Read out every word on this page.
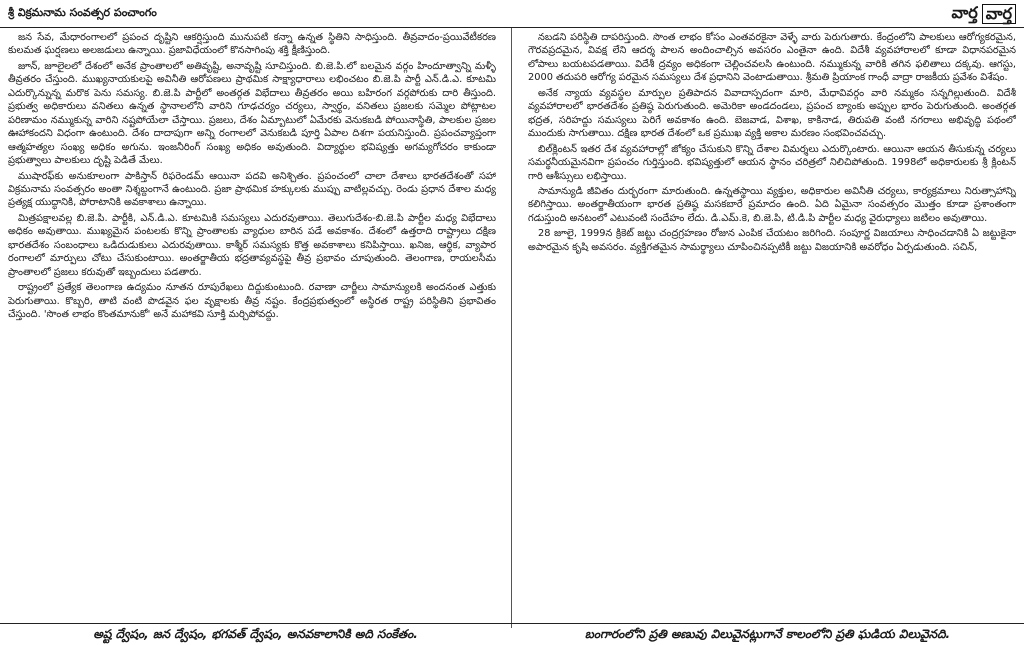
శ్రీ విక్రమనామ సంవత్సర పంచాంగం	వార్త వార్త

జన సేవ, మేధారంగాలలో ప్రపంచ దృష్టిని ఆకర్షిస్తుంది మునుపటి కన్నా ఉన్నత స్థితిని సాధిస్తుంది. తీవ్రవాదం-ప్రయివేటీకరణ కులమత ఘర్షణలు అలజడులు ఉన్నాయి. ప్రజావిధేయంలో కొనసాగింపు శక్తి క్షీణిస్తుంది.

జూన్, జూలైలలో దేశంలో అనేక ప్రాంతాలలో అతివృష్టి, అనావృష్టి సూచిస్తుంది. బి.జె.పి.లో బలమైన వర్గం హిందూత్వాన్ని మళ్ళీ తీవ్రతరం చేస్తుంది. ముఖ్యనాయకులపై అవినీతి ఆరోపణలు ప్రాథమిక సాక్ష్యాధారాలు లభించటం బి.జె.పి పార్టీ ఎన్.డి.ఎ. కూటమి ఎదుర్కొన్నున్న మరొక పెను సమస్య. బి.జె.పి పార్టీలో అంతర్గత విభేదాలు తీవ్రతరం అయి బహిరంగ వర్గపోరుకు దారి తీస్తుంది. ప్రభుత్వ అధికారులు వనితలు ఉన్నత స్థానాలలోని వారిని గూఢచర్యం చర్యలు, స్వార్థం, వనితలు ప్రజలకు సమ్మెల పోట్లాటల పరిణామం నమ్ముకున్న వారిని నష్టపోయేలా చేస్తాయి. ప్రజలు, దేశం ఏమ్బాటులో ఏమేరకు వెనుకబడి పోయినాస్థితి, పాలకుల ప్రజల ఊహాకందని విధంగా ఉంటుంది. దేశం దాదాపుగా అన్ని రంగాలలో వెనుకబడి పూర్తి ఏపాల దిశగా పయనిస్తుంది. ప్రపంచవ్యాప్తంగా ఆత్మహత్యల సంఖ్య అధికం అగును. ఇంజనీరింగ్ సంఖ్య అధికం అవుతుంది. విద్యార్థుల భవిష్యత్తు అగమ్యగోచరం కాకుండా ప్రభుత్వాలు పాలకులు దృష్టి పెడితే మేలు.

ముషారఫ్‌కు అనుకూలంగా పాకిస్తాన్ రిఫరెండమ్ ఆయినా పదవి అనిశ్చితం. ప్రపంచంలో చాలా దేశాలు భారతదేశంతో సహా విక్రమనామ సంవత్సరం అంతా నిశ్శబ్దంగానే ఉంటుంది. ప్రజా ప్రాథమిక హక్కులకు ముప్పు వాటిల్లవచ్చు. రెండు ప్రధాన దేశాల మధ్య ప్రత్యక్ష యుద్ధానికి, పోరాటానికి అవకాశాలు ఉన్నాయి.

మిత్రపక్షాలవల్ల బి.జె.పి. పార్టీకి, ఎన్.డి.ఎ. కూటమికి సమస్యలు ఎదురవుతాయి. తెలుగుదేశం-బి.జె.పి పార్టీల మధ్య విభేదాలు అధికం అవుతాయి. ముఖ్యమైన పంటలకు కొన్ని ప్రాంతాలకు వ్యాధుల బారిన పడే అవకాశం. దేశంలో ఉత్తరాది రాష్ట్రాలు దక్షిణ భారతదేశం సంబంధాలు ఒడిదుడుకులు ఎదురవుతాయి. కాశ్మీర్ సమస్యకు కొత్త అవకాశాలు కనిపిస్తాయి. ఖనిజ, ఆర్థిక, వ్యాపార రంగాలలో మార్పులు చోటు చేసుకుంటాయి. అంతర్జాతీయ భద్రతావ్యవస్థపై తీవ్ర ప్రభావం చూపుతుంది. తెలంగాణ, రాయలసీమ ప్రాంతాలలో ప్రజలు కరువుతో ఇబ్బందులు పడతారు.

రాష్ట్రంలో ప్రత్యేక తెలంగాణ ఉద్యమం నూతన రూపురేఖలు దిద్దుకుంటుంది. రవాణా చార్జీలు సామాన్యులకి అందనంత ఎత్తుకు పెరుగుతాయి. కొబ్బరి, తాటి వంటి పొడవైన ఫల వృక్షాలకు తీవ్ర నష్టం. కేంద్రప్రభుత్వంలో అస్థిరత రాష్ట్ర పరిస్థితిని ప్రభావితం చేస్తుంది. 'సొంత లాభం కొంతమానుకో' అనే మహాకవి సూక్తి మర్చిపోవద్దు.

నబడని పరిస్థితి దాపరిస్తుంది. సొంత లాభం కోసం ఎంతవరకైనా వెళ్ళే వారు పెరుగుతారు. కేంద్రంలోని పాలకులు ఆరోగ్యకరమైన, గౌరవప్రదమైన, వివక్ష లేని ఆదర్శ పాలన అందించాల్సిన అవసరం ఎంతైనా ఉంది. విదేశీ వ్యవహారాలలో కూడా విధానపరమైన లోపాలు బయటపడతాయి. విదేశీ ద్రవ్యం అధికంగా చెల్లించవలసి ఉంటుంది. నమ్ముకున్న వారికి తగిన ఫలితాలు దక్కవు. ఆగస్టు, 2000 తదుపరి ఆరోగ్య పరమైన సమస్యలు దేశ ప్రధానిని వెంటాడుతాయి. శ్రీమతి ప్రియాంక గాంధీ వాద్రా రాజకీయ ప్రవేశం విశేషం.

అనేక న్యాయ వ్యవస్థల మార్పుల ప్రతిపాదన వివాదాస్పదంగా మారి, మేధావివర్గం వారి నమ్మకం సన్నగిల్లుతుంది. విదేశీ వ్యవహారాలలో భారతదేశం ప్రతిష్ఠ పెరుగుతుంది. అమెరికా అండదండలు, ప్రపంచ బ్యాంకు అప్పుల భారం పెరుగుతుంది. అంతర్గత భద్రత, సరిహద్దు సమస్యలు పెరిగే అవకాశం ఉంది. బెజవాడ, విశాఖ, కాకినాడ, తిరుపతి వంటి నగరాలు అభివృద్ధి పథంలో ముందుకు సాగుతాయి. దక్షిణ భారత దేశంలో ఒక ప్రముఖ వ్యక్తి అకాల మరణం సంభవించవచ్చు.

బిల్‌క్లింటన్ ఇతర దేశ వ్యవహారాల్లో జోక్యం చేసుకుని కొన్ని దేశాల విమర్శలు ఎదుర్కొంటారు. ఆయినా ఆయన తీసుకున్న చర్యలు సమర్థనీయమైనవిగా ప్రపంచం గుర్తిస్తుంది. భవిష్యత్తులో ఆయన స్థానం చరిత్రలో నిలిచిపోతుంది. 1998లో అధికారులకు శ్రీ క్లింటన్ గారి ఆశీస్సులు లభిస్తాయి.

సామాన్యుడి జీవితం దుర్భరంగా మారుతుంది. ఉన్నతస్థాయి వ్యక్తుల, అధికారుల అవినీతి చర్యలు, కార్యక్రమాలు నిరుత్సాహాన్ని కలిగిస్తాయి. అంతర్జాతీయంగా భారత ప్రతిష్ఠ మసకబారే ప్రమాదం ఉంది. ఏది ఏమైనా సంవత్సరం మొత్తం కూడా ప్రశాంతంగా గడుస్తుంది అనటంలో ఎటువంటి సందేహం లేదు. డి.ఎమ్.కె, బి.జె.పి, టి.డి.పి పార్టీల మధ్య వైరుధ్యాలు జటిలం అవుతాయి.

28 జూలై, 1999న క్రికెట్ జట్టు చంద్రగ్రహణం రోజున ఎంపిక చేయటం జరిగింది. సంపూర్ణ విజయాలు సాధించడానికి ఏ జట్టుకైనా అపారమైన కృషి అవసరం. వ్యక్తిగతమైన సామర్థ్యాలు చూపించినప్పటికీ జట్టు విజయానికి అవరోధం ఏర్పడుతుంది. సచిన్,

అష్ట ద్వేషం, జన ద్వేషం, భగవత్ ద్వేషం, అనవకాలానికి అది సంకేతం.	బంగారంలోని ప్రతి అణువు విలువైనట్లుగానే కాలంలోని ప్రతి ఘడియ విలువైనది.
